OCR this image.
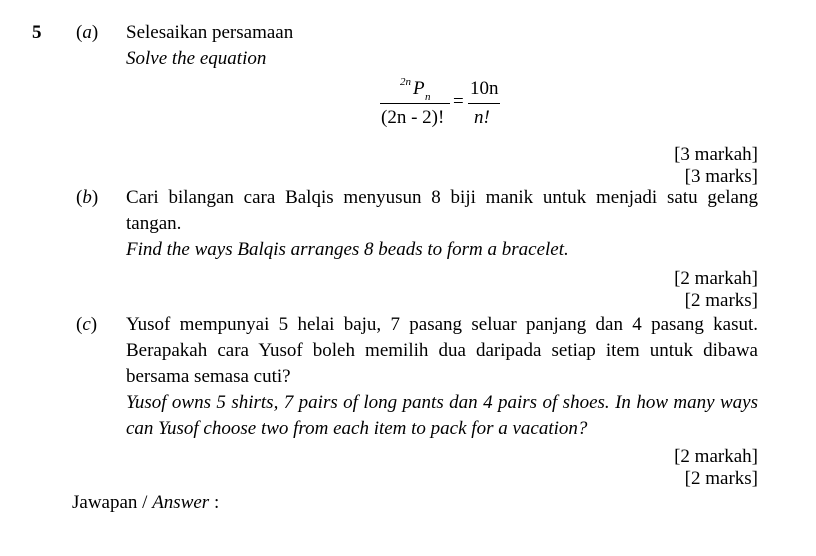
5 (a) Selesaikan persamaan
Solve the equation
2n P n
(2n - 2)!
=
10n
n!
[3 markah]
[3 marks]
(b) Cari bilangan cara Balqis menyusun 8 biji manik untuk menjadi satu gelang tangan.
Find the ways Balqis arranges 8 beads to form a bracelet.
[2 markah]
[2 marks]
(c) Yusof mempunyai 5 helai baju, 7 pasang seluar panjang dan 4 pasang kasut. Berapakah cara Yusof boleh memilih dua daripada setiap item untuk dibawa bersama semasa cuti?
Yusof owns 5 shirts, 7 pairs of long pants dan 4 pairs of shoes. In how many ways can Yusof choose two from each item to pack for a vacation?
[2 markah]
[2 marks]
Jawapan / Answer :
